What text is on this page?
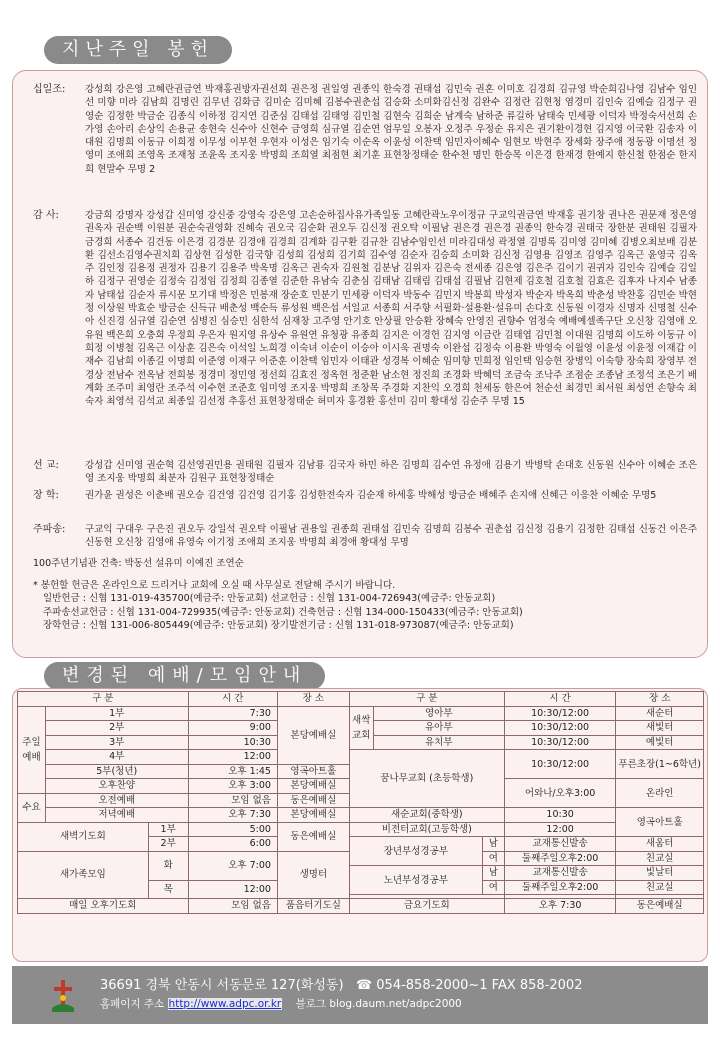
지난주일 봉헌
십일조:	강성희 강은영 고혜란권금연 박재홍권방자권선희 권은정 권일영 권종익 한숙경 권태섭 김민숙 권혼 이미호 김경희 김규영 박순희김나영 김남수 임인선 미향 미라 김남희 김명린 김무년 김화금 김미순 김미혜 김봉수권춘섭 김승화 소미화김신정 김완수 김정란 김현청 염경미 김인숙 김예슬 김정구 권영순 김정한 박금순 김종식 이하정 김지연 김준심 김태섭 김태영 김민철 김현숙 김희순 남계숙 남하준 류길하 남태숙 민세광 이덕자 박정숙서선희 손가영 손아리 손상익 손용균 송현숙 신수아 신현수 금영희 심규열 김순연 엄무일 오봉자 오정주 우정순 유지은 권기환이경현 김지영 이국환 김송자 이대원 김명희 이동규 이희정 이무성 이부현 우현자 이성은 임기숙 이순옥 이윤성 이찬택 임민자이혜수 임현모 박현주 장세화 장주애 정동광 이명선 정영미 조애희 조영옥 조재청 조윤옥 조지웅 박명희 조희열 최점현 최기훈 표현창정태순 한수천 명민 한승목 이은경 한재경 한예지 한신철 한점순 한지희 현말수 무명 2
감 사:	강금희 강명자 강성갑 신미영 강신중 강영숙 강은영 고손순하집사유가족일동 고혜란곽노우이정규 구교익권금연 박재홍 권기창 권나은 권문재 정은영 권옥자 권순백 이원분 권순숙권영화 진혜숙 권오국 김순화 권오두 김신정 권오탁 이필남 권은경 권은경 권종익 한숙경 권태국 장한분 권태원 김필자 금경희 서종수 김건동 이은경 김경분 김경애 김경희 김계화 김구환 김규찬 김남수임인선 미라김대성 곽정열 김명록 김미영 김미혜 김병오최보배 김분환 김선소김영수권치희 김상현 김성한 김국향 김성희 김성희 김기희 김수영 김순자 김승희 소미화 김신정 김영용 김영조 김영주 김옥근 윤영국 김옥주 김인정 김용정 권정자 김용기 김용주 박옥명 김옥근 권숙자 김원철 김분남 김위자 김은숙 전세종 김은영 김은주 김이기 권귀자 김인숙 김예슬 김일하 김정구 권영순 김정숙 김정임 김정희 김종열 김준한 유남숙 김춘심 김태남 김태림 김태섭 김필남 김현제 김호철 김호철 김효은 김후자 나지수 남종자 남태섭 김순자 류시문 모기대 박정은 민봉재 장순호 민분기 민세광 이덕자 박동수 김민지 박봉희 박성자 박순자 박옥희 박춘성 박찬홍 김민순 박현정 이상원 박효순 방금순 신득규 배춘성 백순득 류성원 백은섭 서일교 서종희 서주향 서필화·설용환·설유미 손다호 신동원 이경자 신명자 신명철 신수아 신진경 심규열 김순연 심병진 심승민 심한석 심재창 고주영 안기호 안상필 안승환 장혜숙 안영진 권향수 엄정숙 예배예셀족구단 오신창 김영애 오유원 백은희 오충희 우정희 우은자 원지영 유상수 유원연 유청광 유종희 김지은 이경헌 김지영 이금란 김태엽 김민철 이대원 김명희 이도하 이동규 이희정 이병철 김옥근 이상훈 김은숙 이석일 노희경 이숙녀 이순이 이승아 이시욱 권명숙 이완섭 김정숙 이용환 박영숙 이월영 이윤성 이윤정 이재갑 이재수 김남희 이종길 이명희 이준영 이재구 이준훈 이찬택 임민자 이태관 성경복 이혜순 임미향 민희정 임인택 임승현 장병익 이숙향 장숙희 장영부 전경상 전남수 전옥남 전희봉 정경미 정민영 정선희 김효진 정옥현 정준환 남소현 정진희 조경화 박혜덕 조금숙 조낙주 조점순 조종남 조정석 조은기 배계화 조주미 최영란 조주석 이수현 조준호 임미영 조지웅 박명희 조창목 주경화 지찬익 오경희 천세동 한은여 천순선 최경민 최서원 최성연 손향숙 최숙자 최영석 김석교 최종일 김선정 추홍선 표현창정태순 허미자 홍경환 홍선미 김미 황대성 김순주 무명 15
선 교:	강성갑 신미영 권순혁 김선영권민용 권태원 김필자 김남룡 김국자 하민 하은 김명희 김수연 유정애 김용기 박병탁 손대호 신동원 신수아 이혜순 조은영 조지웅 박명희 최분자 김원구 표현창정태순
장 학:	권가윤 권성은 이춘배 권오승 김건영 김건영 김기홍 김성한전숙자 김순재 하세홍 박해성 방금순 배혜주 손지애 신혜근 이응찬 이혜순 무명5
주파송:	구교익 구대우 구은진 권오두 강일석 권오탁 이필남 권용일 권종희 권태섭 김민숙 김명희 김봉수 권춘섭 김신정 김용기 김정한 김태섭 신동건 이은주 신동현 오신창 김영애 유영숙 이기정 조애희 조지웅 박명희 최경애 황대성 무명
100주년기념관 건축: 박동선 설유미 이예진 조연순
* 봉헌할 헌금은 온라인으로 드리거나 교회에 오실 때 사무실로 전달해 주시기 바랍니다.
일반헌금 : 신협 131-019-435700(예금주: 안동교회) 선교헌금 : 신협 131-004-726943(예금주: 안동교회)
주파송선교헌금 : 신협 131-004-729935(예금주: 안동교회) 건축헌금 : 신협 134-000-150433(예금주: 안동교회)
장학헌금 : 신협 131-006-805449(예금주: 안동교회) 장기발전기금 : 신협 131-018-973087(예금주: 안동교회)
변경된 예배/모임안내
구 분			시 간	장 소	구 분			시 간	장 소
주일예배	1부		7:30	본당예배실	새싹교회	영아부		10:30/12:00	새순터
	2부		9:00			유아부		10:30/12:00	새빛터
	3부		10:30			유치부		10:30/12:00	예빛터
	4부		12:00		꿈나무교회 (초등학생)			10:30/12:00	푸른초장(1~6학년)
	5부(청년)		오후 1:45	영곡아트홀					
	오후찬양		오후 3:00	본당예배실				어와나/오후3:00	온라인
수요	오전예배		모임 없음	동은예배실					
	저녁예배		오후 7:30	본당예배실	새순교회(중학생)			10:30	영곡아트홀
새벽기도회		1부	5:00	동은예배실	비전터교회(고등학생)			12:00	
		2부	6:00		장년부성경공부		남	교재통신발송	새움터
새가족모임		화	오후 7:00	생명터			여	둘째주일오후2:00	친교실
					노년부성경공부		남	교재통신발송	빛날터
		목	12:00				여	둘째주일오후2:00	친교실

매일 오후기도회			모임 없음	품음터기도실	금요기도회			오후 7:30	동은예배실
36691 경북 안동시 서동문로 127(화성동) ☎ 054-858-2000~1 FAX 858-2002
홈페이지 주소 http://www.adpc.or.kr 블로그 blog.daum.net/adpc2000
